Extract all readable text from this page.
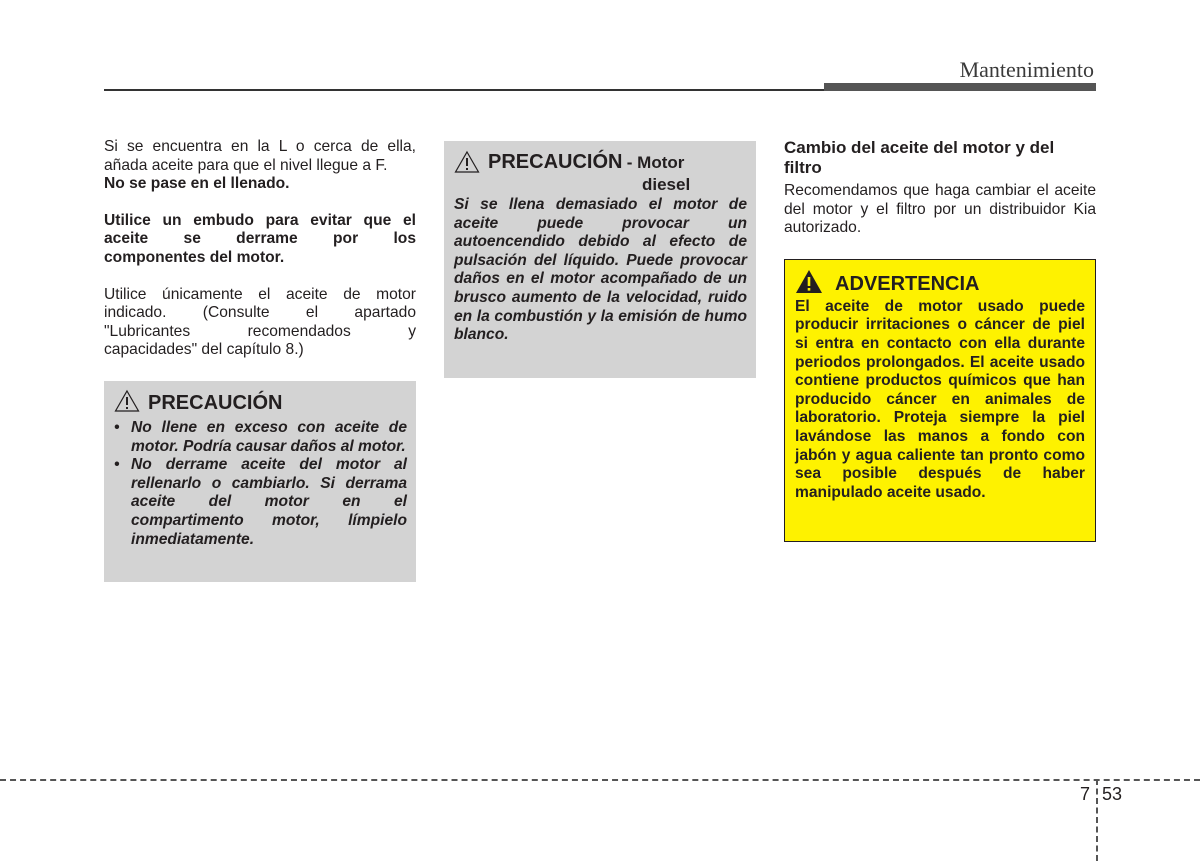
Mantenimiento

Si se encuentra en la L o cerca de ella,

añada aceite para que el nivel llegue a F.

No se pase en el llenado.

Utilice un embudo para evitar que el

aceite se derrame por los

componentes del motor.

Utilice únicamente el aceite de motor

indicado. (Consulte el apartado

"Lubricantes recomendados y

capacidades" del capítulo 8.)

PRECAUCIÓN
• No llene en exceso con aceite de motor. Podría causar daños al motor.
• No derrame aceite del motor al rellenarlo o cambiarlo. Si derrama aceite del motor en el compartimento motor, límpielo inmediatamente.
PRECAUCIÓN - Motor
diesel

Si se llena demasiado el motor de aceite puede provocar un autoencendido debido al efecto de pulsación del líquido. Puede provocar daños en el motor acompañado de un brusco aumento de la velocidad, ruido en la combustión y la emisión de humo blanco.

Cambio del aceite del motor y del filtro

Recomendamos que haga cambiar el aceite del motor y el filtro por un distribuidor Kia autorizado.

ADVERTENCIA

El aceite de motor usado puede producir irritaciones o cáncer de piel si entra en contacto con ella durante periodos prolongados. El aceite usado contiene productos químicos que han producido cáncer en animales de laboratorio. Proteja siempre la piel lavándose las manos a fondo con jabón y agua caliente tan pronto como sea posible después de haber manipulado aceite usado.

7 53
